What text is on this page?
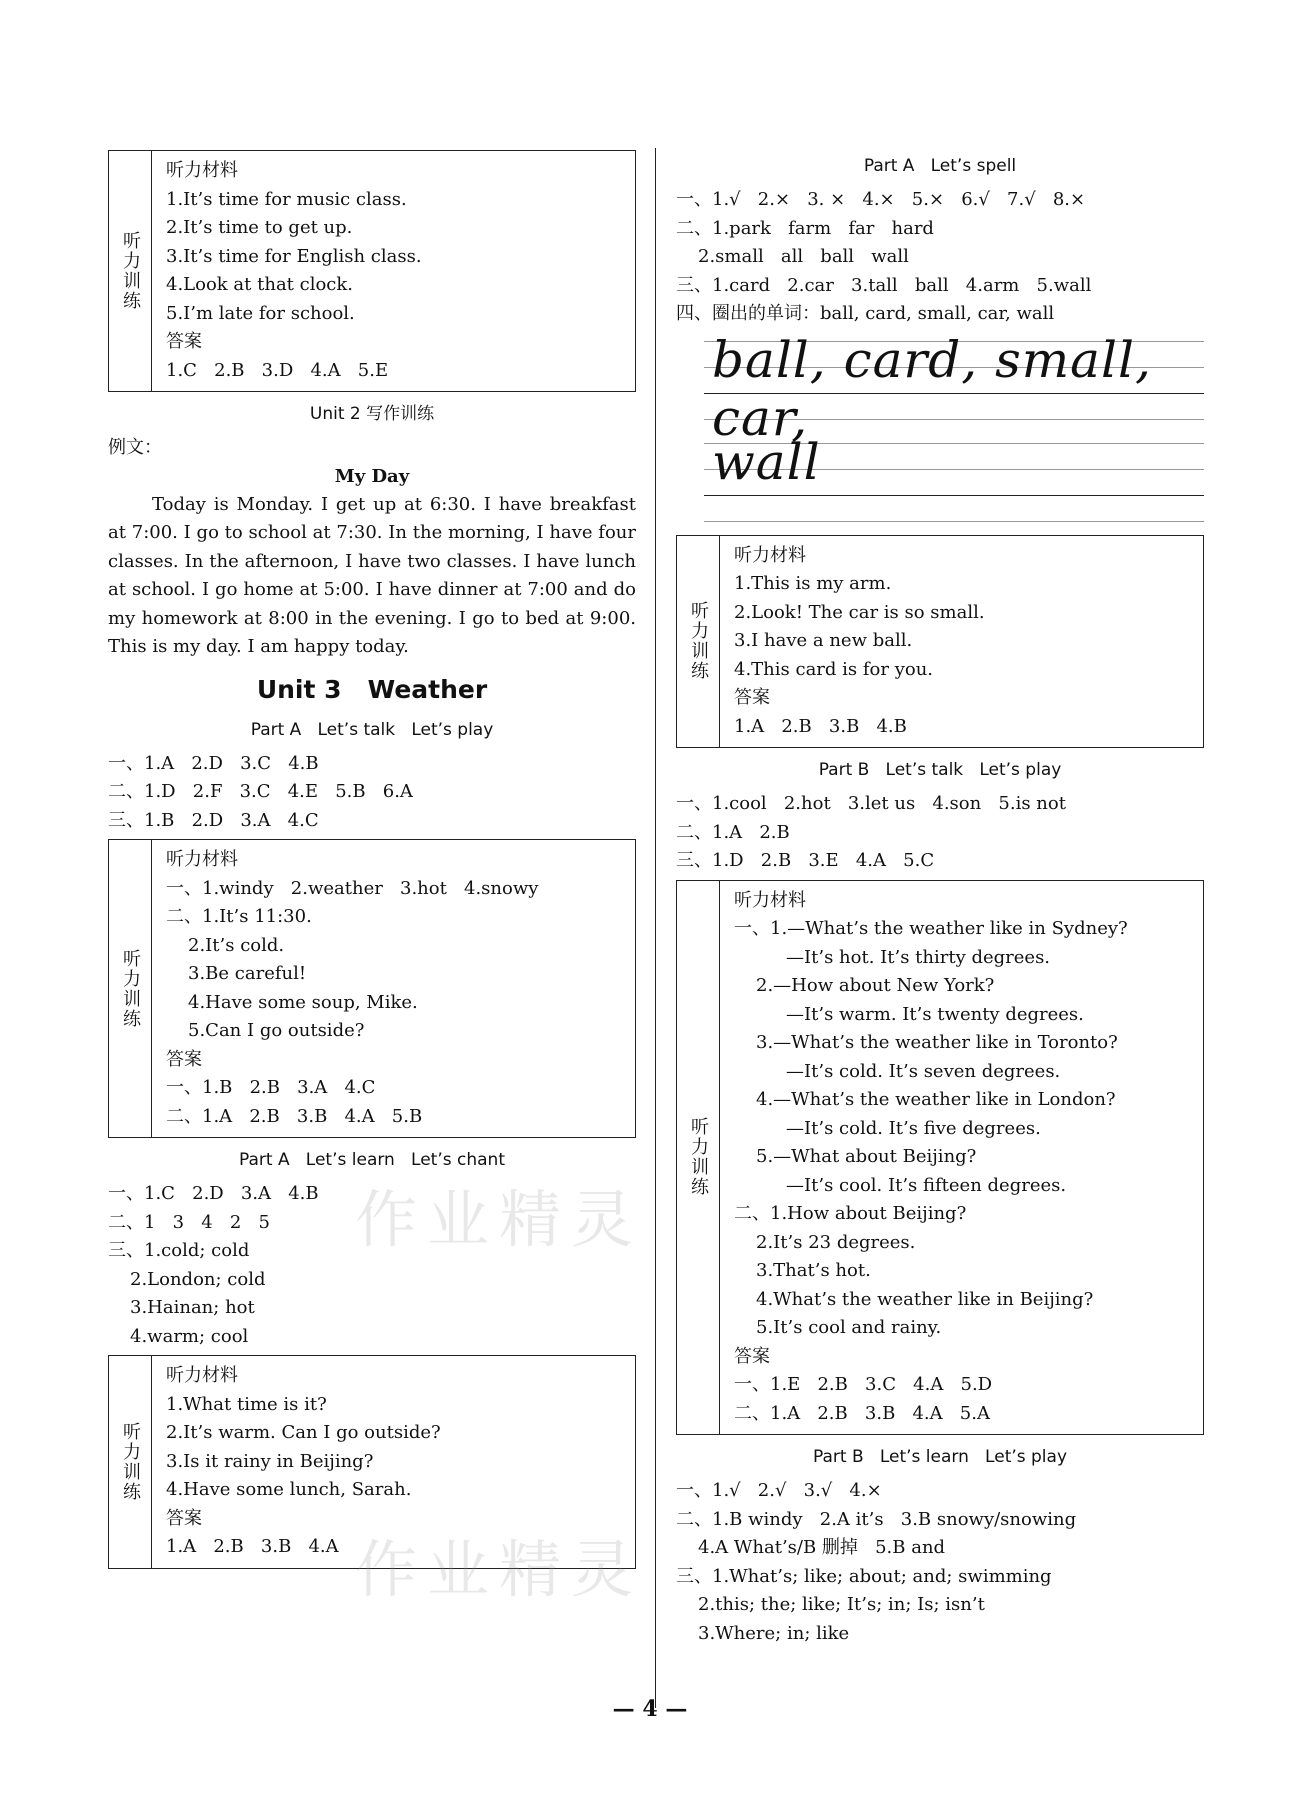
听力训练
听力材料
1.It’s time for music class.
2.It’s time to get up.
3.It’s time for English class.
4.Look at that clock.
5.I’m late for school.
答案
1.C   2.B   3.D   4.A   5.E
Unit 2 写作训练
例文：
My Day
Today is Monday. I get up at 6:30. I have breakfast at 7:00. I go to school at 7:30. In the morning, I have four classes. In the afternoon, I have two classes. I have lunch at school. I go home at 5:00. I have dinner at 7:00 and do my homework at 8:00 in the evening. I go to bed at 9:00. This is my day. I am happy today.
Unit 3   Weather
Part A   Let’s talk   Let’s play
一、1.A   2.D   3.C   4.B
二、1.D   2.F   3.C   4.E   5.B   6.A
三、1.B   2.D   3.A   4.C
听力训练
听力材料
一、1.windy   2.weather   3.hot   4.snowy
二、1.It’s 11:30.
2.It’s cold.
3.Be careful!
4.Have some soup, Mike.
5.Can I go outside?
答案
一、1.B   2.B   3.A   4.C
二、1.A   2.B   3.B   4.A   5.B
Part A   Let’s learn   Let’s chant
一、1.C   2.D   3.A   4.B
二、1   3   4   2   5
三、1.cold; cold
2.London; cold
3.Hainan; hot
4.warm; cool
听力训练
听力材料
1.What time is it?
2.It’s warm. Can I go outside?
3.Is it rainy in Beijing?
4.Have some lunch, Sarah.
答案
1.A   2.B   3.B   4.A
Part A   Let’s spell
一、1.√   2.×   3. ×   4.×   5.×   6.√   7.√   8.×
二、1.park   farm   far   hard
2.small   all   ball   wall
三、1.card   2.car   3.tall   ball   4.arm   5.wall
四、圈出的单词：ball, card, small, car, wall
ball, card, small, car,
wall
听力训练
听力材料
1.This is my arm.
2.Look! The car is so small.
3.I have a new ball.
4.This card is for you.
答案
1.A   2.B   3.B   4.B
Part B   Let’s talk   Let’s play
一、1.cool   2.hot   3.let us   4.son   5.is not
二、1.A   2.B
三、1.D   2.B   3.E   4.A   5.C
听力训练
听力材料
一、1.—What’s the weather like in Sydney?
—It’s hot. It’s thirty degrees.
2.—How about New York?
—It’s warm. It’s twenty degrees.
3.—What’s the weather like in Toronto?
—It’s cold. It’s seven degrees.
4.—What’s the weather like in London?
—It’s cold. It’s five degrees.
5.—What about Beijing?
—It’s cool. It’s fifteen degrees.
二、1.How about Beijing?
2.It’s 23 degrees.
3.That’s hot.
4.What’s the weather like in Beijing?
5.It’s cool and rainy.
答案
一、1.E   2.B   3.C   4.A   5.D
二、1.A   2.B   3.B   4.A   5.A
Part B   Let’s learn   Let’s play
一、1.√   2.√   3.√   4.×
二、1.B windy   2.A it’s   3.B snowy/snowing
4.A What’s/B 删掉   5.B and
三、1.What’s; like; about; and; swimming
2.this; the; like; It’s; in; Is; isn’t
3.Where; in; like
作业精灵
作业精灵
— 4 —
